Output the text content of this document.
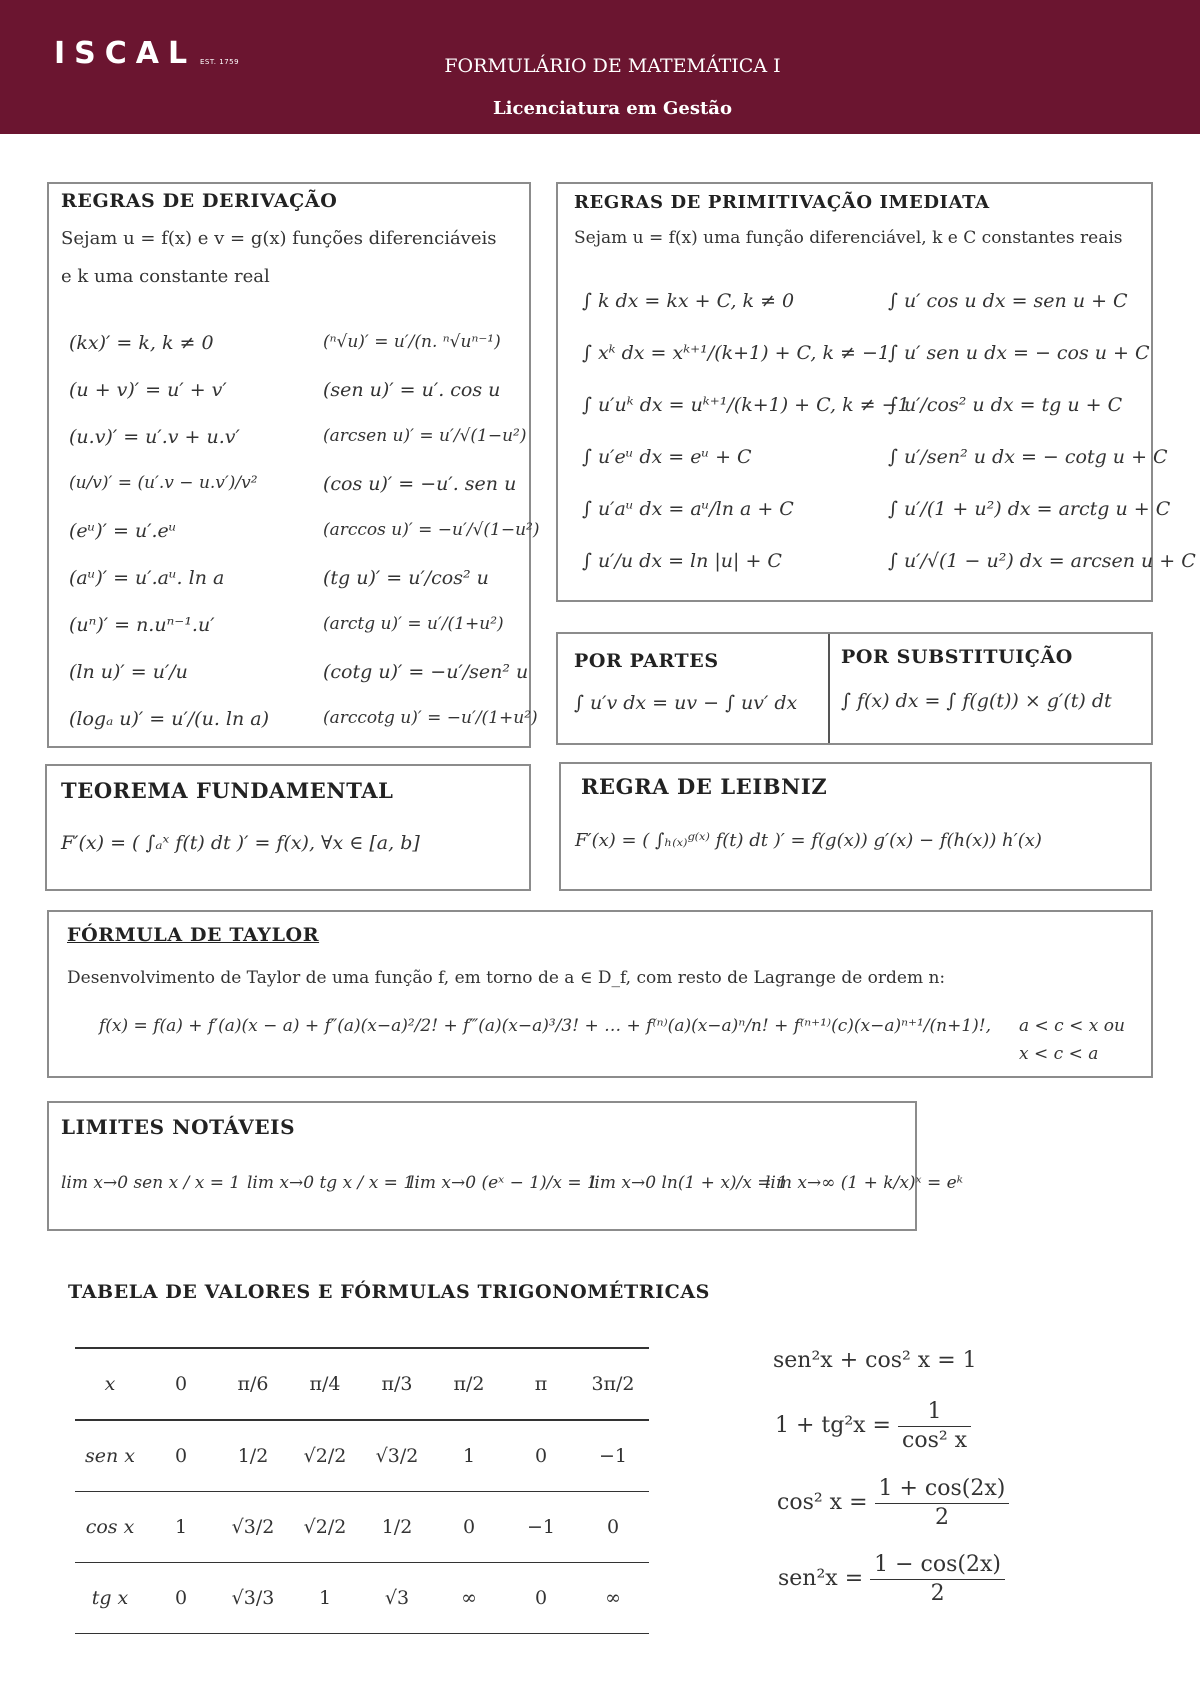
ISCAL EST. 1759	FORMULÁRIO DE MATEMÁTICA I
Licenciatura em Gestão
REGRAS DE DERIVAÇÃO
Sejam u = f(x) e v = g(x) funções diferenciáveis
e k uma constante real
(kx)′ = k, k ≠ 0
(u + v)′ = u′ + v′
(u.v)′ = u′.v + u.v′
(u/v)′ = (u′.v − u.v′)/v²
(eᵘ)′ = u′.eᵘ
(aᵘ)′ = u′.aᵘ. ln a
(uⁿ)′ = n.uⁿ⁻¹.u′
(ln u)′ = u′/u
(logₐ u)′ = u′/(u. ln a)
(ⁿ√u)′ = u′/(n. ⁿ√uⁿ⁻¹)
(sen u)′ = u′. cos u
(arcsen u)′ = u′/√(1−u²)
(cos u)′ = −u′. sen u
(arccos u)′ = −u′/√(1−u²)
(tg u)′ = u′/cos² u
(arctg u)′ = u′/(1+u²)
(cotg u)′ = −u′/sen² u
(arccotg u)′ = −u′/(1+u²)
REGRAS DE PRIMITIVAÇÃO IMEDIATA
Sejam u = f(x) uma função diferenciável, k e C constantes reais
∫ k dx = kx + C, k ≠ 0
∫ xᵏ dx = xᵏ⁺¹/(k+1) + C, k ≠ −1
∫ u′uᵏ dx = uᵏ⁺¹/(k+1) + C, k ≠ −1
∫ u′eᵘ dx = eᵘ + C
∫ u′aᵘ dx = aᵘ/ln a + C
∫ u′/u dx = ln |u| + C
∫ u′ cos u dx = sen u + C
∫ u′ sen u dx = − cos u + C
∫ u′/cos² u dx = tg u + C
∫ u′/sen² u dx = − cotg u + C
∫ u′/(1 + u²) dx = arctg u + C
∫ u′/√(1 − u²) dx = arcsen u + C
POR PARTES
∫ u′v dx = uv − ∫ uv′ dx
POR SUBSTITUIÇÃO
∫ f(x) dx = ∫ f(g(t)) × g′(t) dt
TEOREMA FUNDAMENTAL
F′(x) = ( ∫ₐˣ f(t) dt )′ = f(x), ∀x ∈ [a, b]
REGRA DE LEIBNIZ
F′(x) = ( ∫ₕ₍ₓ₎ᵍ⁽ˣ⁾ f(t) dt )′ = f(g(x)) g′(x) − f(h(x)) h′(x)
FÓRMULA DE TAYLOR
Desenvolvimento de Taylor de uma função f, em torno de a ∈ D_f, com resto de Lagrange de ordem n:
f(x) = f(a) + f′(a)(x − a) + f″(a)(x−a)²/2! + f‴(a)(x−a)³/3! + … + f⁽ⁿ⁾(a)(x−a)ⁿ/n! + f⁽ⁿ⁺¹⁾(c)(x−a)ⁿ⁺¹/(n+1)!, a < c < x ou
x < c < a
LIMITES NOTÁVEIS
lim x→0 sen x / x = 1 lim x→0 tg x / x = 1
lim x→0 (eˣ − 1)/x = 1
lim x→0 ln(1 + x)/x = 1
lim x→∞ (1 + k/x)ˣ = eᵏ
TABELA DE VALORES E FÓRMULAS TRIGONOMÉTRICAS
x	0	π/6	π/4	π/3	π/2	π	3π/2
sen x	0	1/2	√2/2	√3/2	1	0	−1
cos x	1	√3/2	√2/2	1/2	0	−1	0
tg x	0	√3/3	1	√3	∞	0	∞
sen²x + cos² x = 1
$1 + tg^2x = \frac{1}{\text{cos² x}}$
cos² $x = \frac{1 + \cos(2x)}{2}$
$sen^2x = \frac{1 - \cos(2x)}{2}$
